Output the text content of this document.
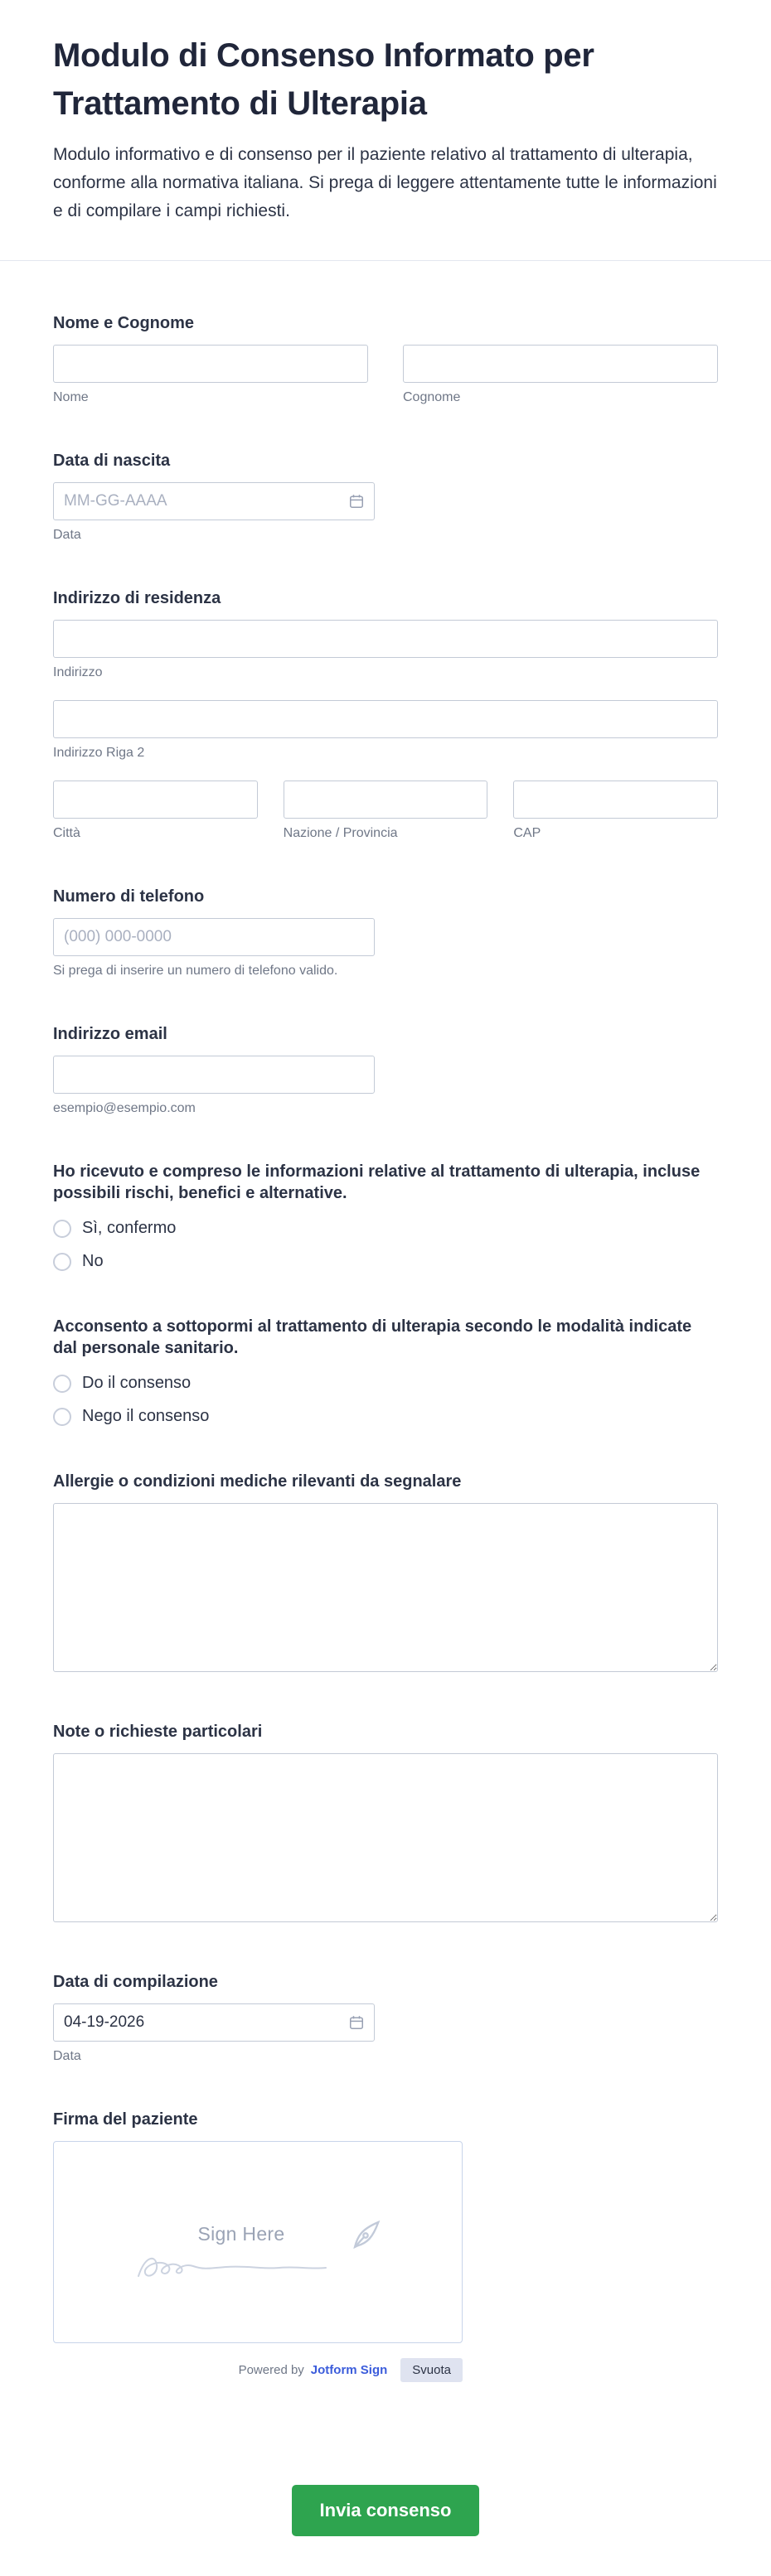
Modulo di Consenso Informato per Trattamento di Ulterapia

Modulo informativo e di consenso per il paziente relativo al trattamento di ulterapia, conforme alla normativa italiana. Si prega di leggere attentamente tutte le informazioni e di compilare i campi richiesti.

Nome e Cognome
Nome	Cognome
Data di nascita
MM-GG-AAAA
Data
Indirizzo di residenza
Indirizzo
Indirizzo Riga 2
Città	Nazione / Provincia	CAP
Numero di telefono
(000) 000-0000
Si prega di inserire un numero di telefono valido.
Indirizzo email
esempio@esempio.com
Ho ricevuto e compreso le informazioni relative al trattamento di ulterapia, incluse possibili rischi, benefici e alternative.
Sì, confermo
No
Acconsento a sottopormi al trattamento di ulterapia secondo le modalità indicate dal personale sanitario.
Do il consenso
Nego il consenso
Allergie o condizioni mediche rilevanti da segnalare
Note o richieste particolari
Data di compilazione
04-19-2026
Data
Firma del paziente
Sign Here
Powered by Jotform Sign	Svuota
Invia consenso
